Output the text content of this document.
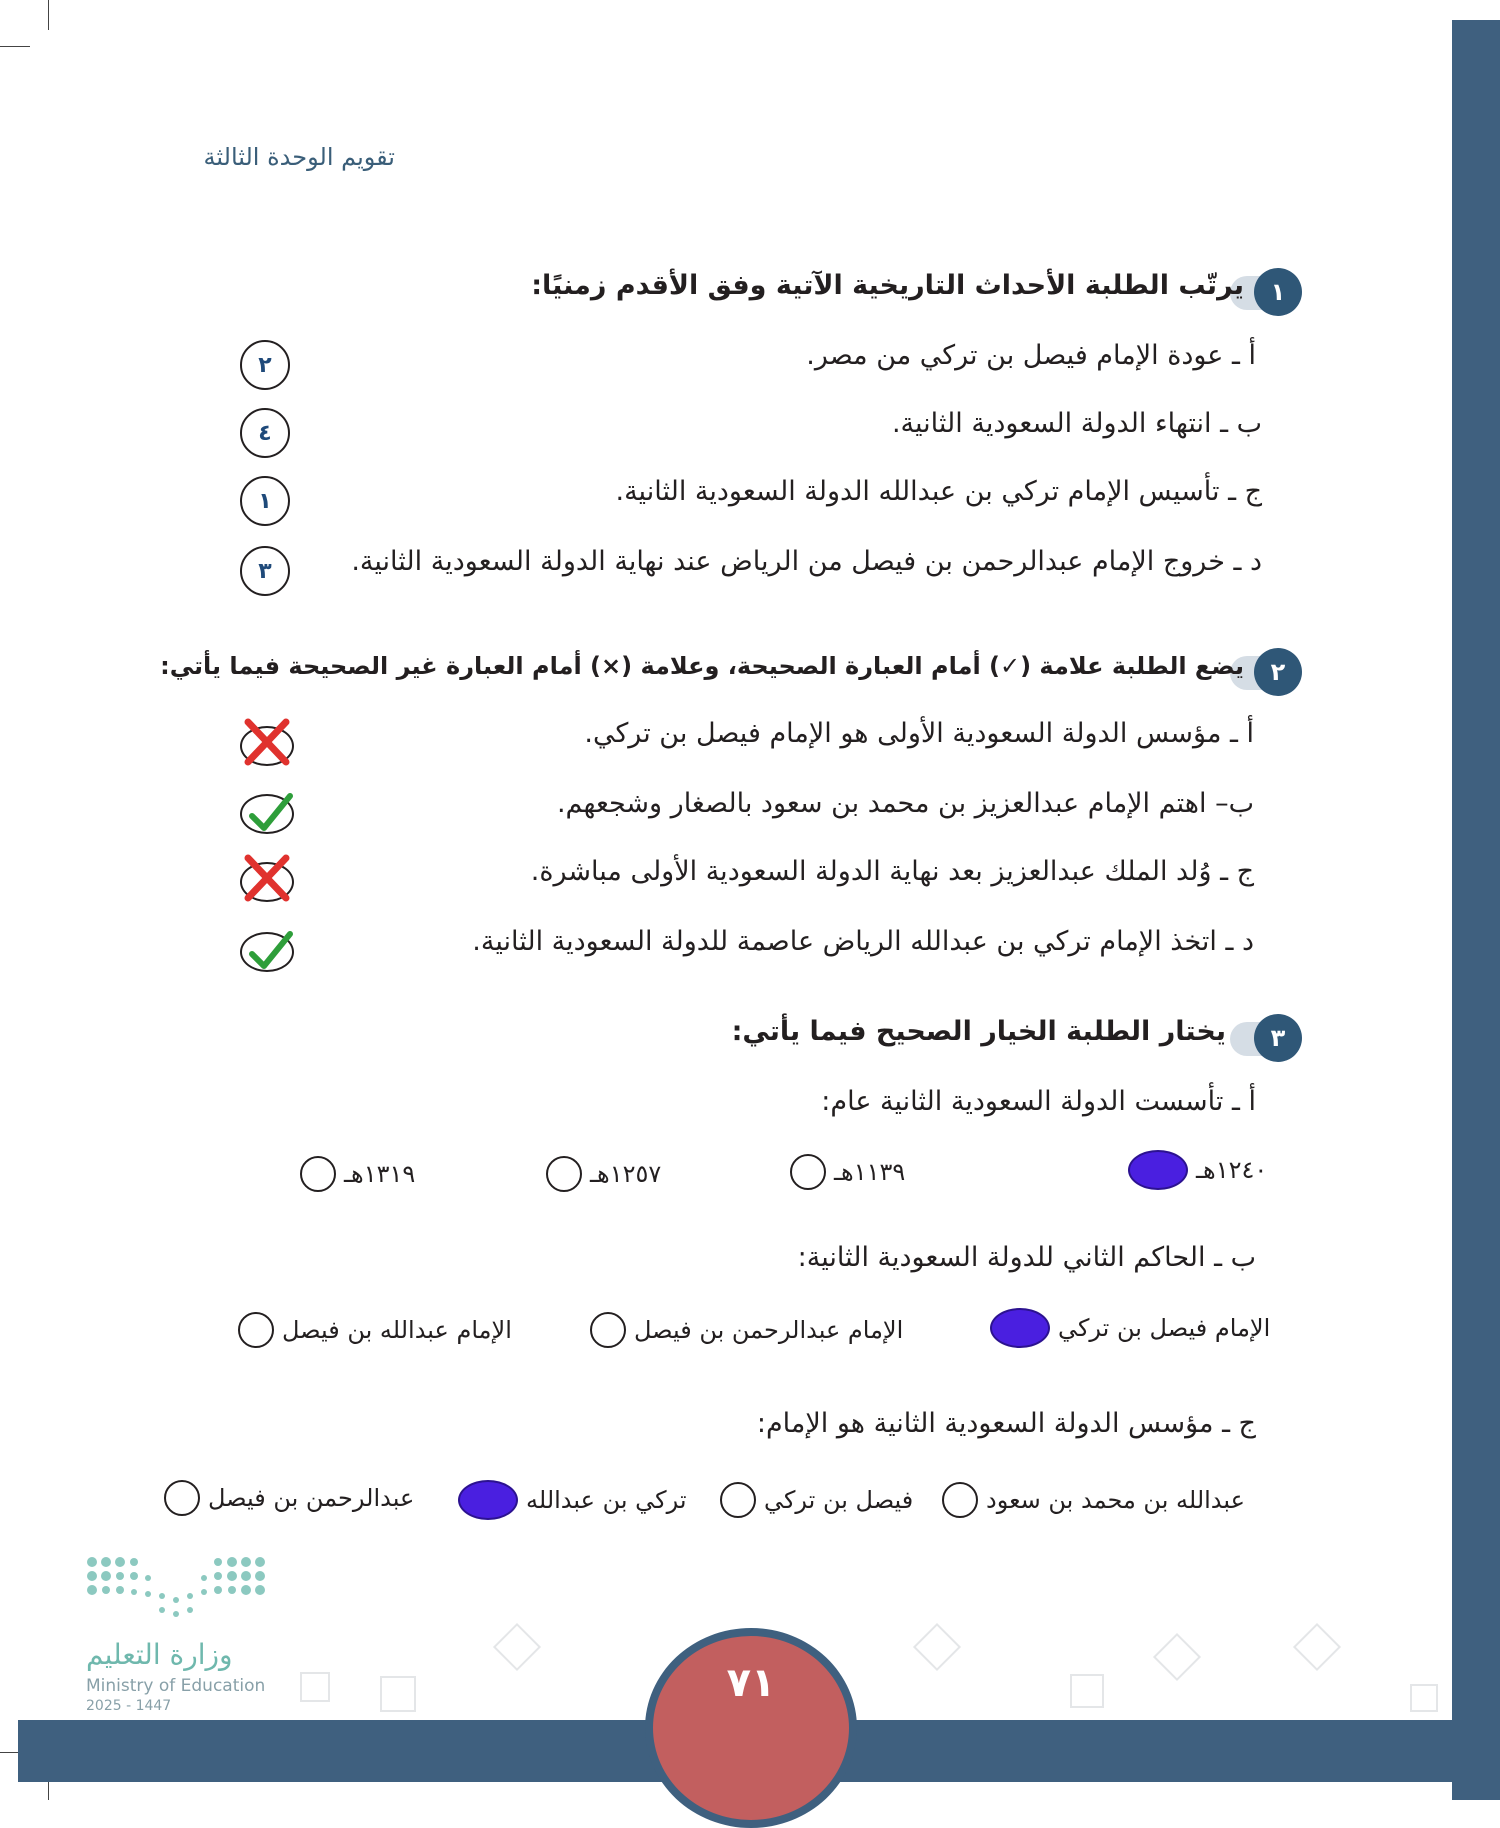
تقويم الوحدة الثالثة
١
يرتّب الطلبة الأحداث التاريخية الآتية وفق الأقدم زمنيًا:
أ ـ عودة الإمام فيصل بن تركي من مصر.
٢
ب ـ انتهاء الدولة السعودية الثانية.
٤
ج ـ تأسيس الإمام تركي بن عبدالله الدولة السعودية الثانية.
١
د ـ خروج الإمام عبدالرحمن بن فيصل من الرياض عند نهاية الدولة السعودية الثانية.
٣
٢
يضع الطلبة علامة (✓) أمام العبارة الصحيحة، وعلامة (×) أمام العبارة غير الصحيحة فيما يأتي:
أ ـ مؤسس الدولة السعودية الأولى هو الإمام فيصل بن تركي.
ب– اهتم الإمام عبدالعزيز بن محمد بن سعود بالصغار وشجعهم.
ج ـ وُلد الملك عبدالعزيز بعد نهاية الدولة السعودية الأولى مباشرة.
د ـ اتخذ الإمام تركي بن عبدالله الرياض عاصمة للدولة السعودية الثانية.
٣
يختار الطلبة الخيار الصحيح فيما يأتي:
أ ـ تأسست الدولة السعودية الثانية عام:
١٢٤٠هـ
١١٣٩هـ
١٢٥٧هـ
١٣١٩هـ
ب ـ الحاكم الثاني للدولة السعودية الثانية:
الإمام فيصل بن تركي
الإمام عبدالرحمن بن فيصل
الإمام عبدالله بن فيصل
ج ـ مؤسس الدولة السعودية الثانية هو الإمام:
عبدالله بن محمد بن سعود
فيصل بن تركي
تركي بن عبدالله
عبدالرحمن بن فيصل
وزارة التعليم
Ministry of Education
2025 - 1447	٧١
